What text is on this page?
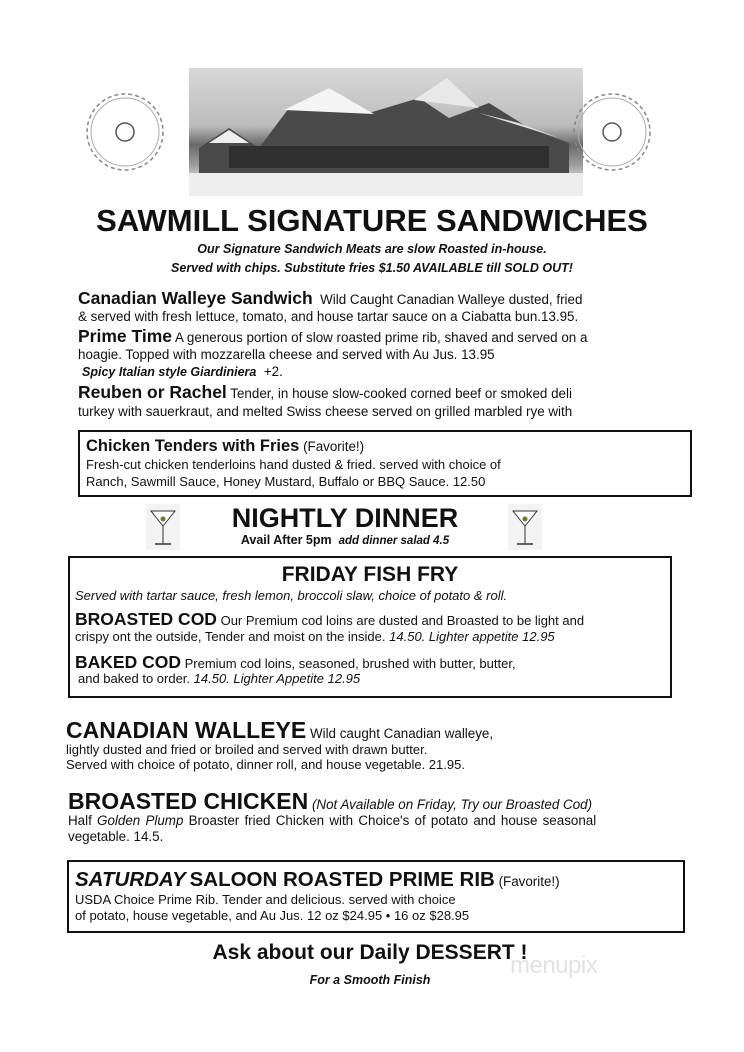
SAWMILL SIGNATURE SANDWICHES
Our Signature Sandwich Meats are slow Roasted in-house.
Served with chips. Substitute fries $1.50 AVAILABLE till SOLD OUT!
Canadian Walleye Sandwich Wild Caught Canadian Walleye dusted, fried
& served with fresh lettuce, tomato, and house tartar sauce on a Ciabatta bun.13.95.
Prime Time A generous portion of slow roasted prime rib, shaved and served on a
hoagie. Topped with mozzarella cheese and served with Au Jus. 13.95
Spicy Italian style Giardiniera +2.
Reuben or Rachel Tender, in house slow-cooked corned beef or smoked deli
turkey with sauerkraut, and melted Swiss cheese served on grilled marbled rye with
Chicken Tenders with Fries (Favorite!)
Fresh-cut chicken tenderloins hand dusted & fried. served with choice of
Ranch, Sawmill Sauce, Honey Mustard, Buffalo or BBQ Sauce. 12.50
NIGHTLY DINNER
Avail After 5pm add dinner salad 4.5
FRIDAY FISH FRY
Served with tartar sauce, fresh lemon, broccoli slaw, choice of potato & roll.
BROASTED COD Our Premium cod loins are dusted and Broasted to be light and
crispy ont the outside, Tender and moist on the inside. 14.50. Lighter appetite 12.95
BAKED COD Premium cod loins, seasoned, brushed with butter, butter,
and baked to order. 14.50. Lighter Appetite 12.95
CANADIAN WALLEYE Wild caught Canadian walleye,
lightly dusted and fried or broiled and served with drawn butter.
Served with choice of potato, dinner roll, and house vegetable. 21.95.
BROASTED CHICKEN (Not Available on Friday, Try our Broasted Cod)
Half Golden Plump Broaster fried Chicken with Choice's of potato and house seasonal
vegetable. 14.5.
SATURDAY SALOON ROASTED PRIME RIB (Favorite!)
USDA Choice Prime Rib. Tender and delicious. served with choice
of potato, house vegetable, and Au Jus. 12 oz $24.95 • 16 oz $28.95
Ask about our Daily DESSERT !
For a Smooth Finish
menupix
